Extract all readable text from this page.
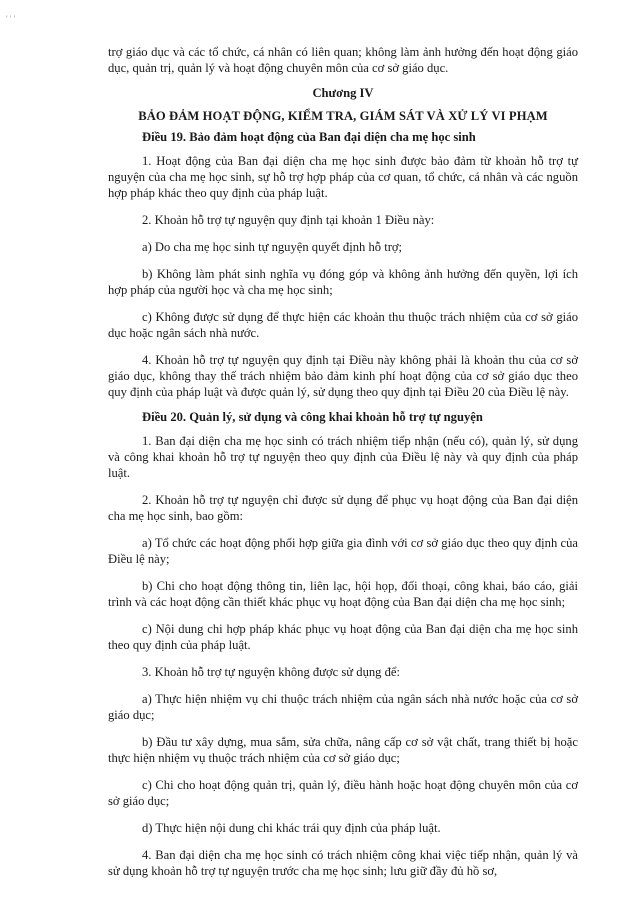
' ' '

trợ giáo dục và các tổ chức, cá nhân có liên quan; không làm ảnh hưởng đến hoạt động giáo dục, quản trị, quản lý và hoạt động chuyên môn của cơ sở giáo dục.

Chương IV

BẢO ĐẢM HOẠT ĐỘNG, KIỂM TRA, GIÁM SÁT VÀ XỬ LÝ VI PHẠM

Điều 19. Bảo đảm hoạt động của Ban đại diện cha mẹ học sinh

1. Hoạt động của Ban đại diện cha mẹ học sinh được bảo đảm từ khoản hỗ trợ tự nguyện của cha mẹ học sinh, sự hỗ trợ hợp pháp của cơ quan, tổ chức, cá nhân và các nguồn hợp pháp khác theo quy định của pháp luật.

2. Khoản hỗ trợ tự nguyện quy định tại khoản 1 Điều này:

a) Do cha mẹ học sinh tự nguyện quyết định hỗ trợ;

b) Không làm phát sinh nghĩa vụ đóng góp và không ảnh hưởng đến quyền, lợi ích hợp pháp của người học và cha mẹ học sinh;

c) Không được sử dụng để thực hiện các khoản thu thuộc trách nhiệm của cơ sở giáo dục hoặc ngân sách nhà nước.

4. Khoản hỗ trợ tự nguyện quy định tại Điều này không phải là khoản thu của cơ sở giáo dục, không thay thế trách nhiệm bảo đảm kinh phí hoạt động của cơ sở giáo dục theo quy định của pháp luật và được quản lý, sử dụng theo quy định tại Điều 20 của Điều lệ này.

Điều 20. Quản lý, sử dụng và công khai khoản hỗ trợ tự nguyện

1. Ban đại diện cha mẹ học sinh có trách nhiệm tiếp nhận (nếu có), quản lý, sử dụng và công khai khoản hỗ trợ tự nguyện theo quy định của Điều lệ này và quy định của pháp luật.

2. Khoản hỗ trợ tự nguyện chỉ được sử dụng để phục vụ hoạt động của Ban đại diện cha mẹ học sinh, bao gồm:

a) Tổ chức các hoạt động phối hợp giữa gia đình với cơ sở giáo dục theo quy định của Điều lệ này;

b) Chi cho hoạt động thông tin, liên lạc, hội họp, đối thoại, công khai, báo cáo, giải trình và các hoạt động cần thiết khác phục vụ hoạt động của Ban đại diện cha mẹ học sinh;

c) Nội dung chi hợp pháp khác phục vụ hoạt động của Ban đại diện cha mẹ học sinh theo quy định của pháp luật.

3. Khoản hỗ trợ tự nguyện không được sử dụng để:

a) Thực hiện nhiệm vụ chi thuộc trách nhiệm của ngân sách nhà nước hoặc của cơ sở giáo dục;

b) Đầu tư xây dựng, mua sắm, sửa chữa, nâng cấp cơ sở vật chất, trang thiết bị hoặc thực hiện nhiệm vụ thuộc trách nhiệm của cơ sở giáo dục;

c) Chi cho hoạt động quản trị, quản lý, điều hành hoặc hoạt động chuyên môn của cơ sở giáo dục;

d) Thực hiện nội dung chi khác trái quy định của pháp luật.

4. Ban đại diện cha mẹ học sinh có trách nhiệm công khai việc tiếp nhận, quản lý và sử dụng khoản hỗ trợ tự nguyện trước cha mẹ học sinh; lưu giữ đầy đủ hồ sơ,
